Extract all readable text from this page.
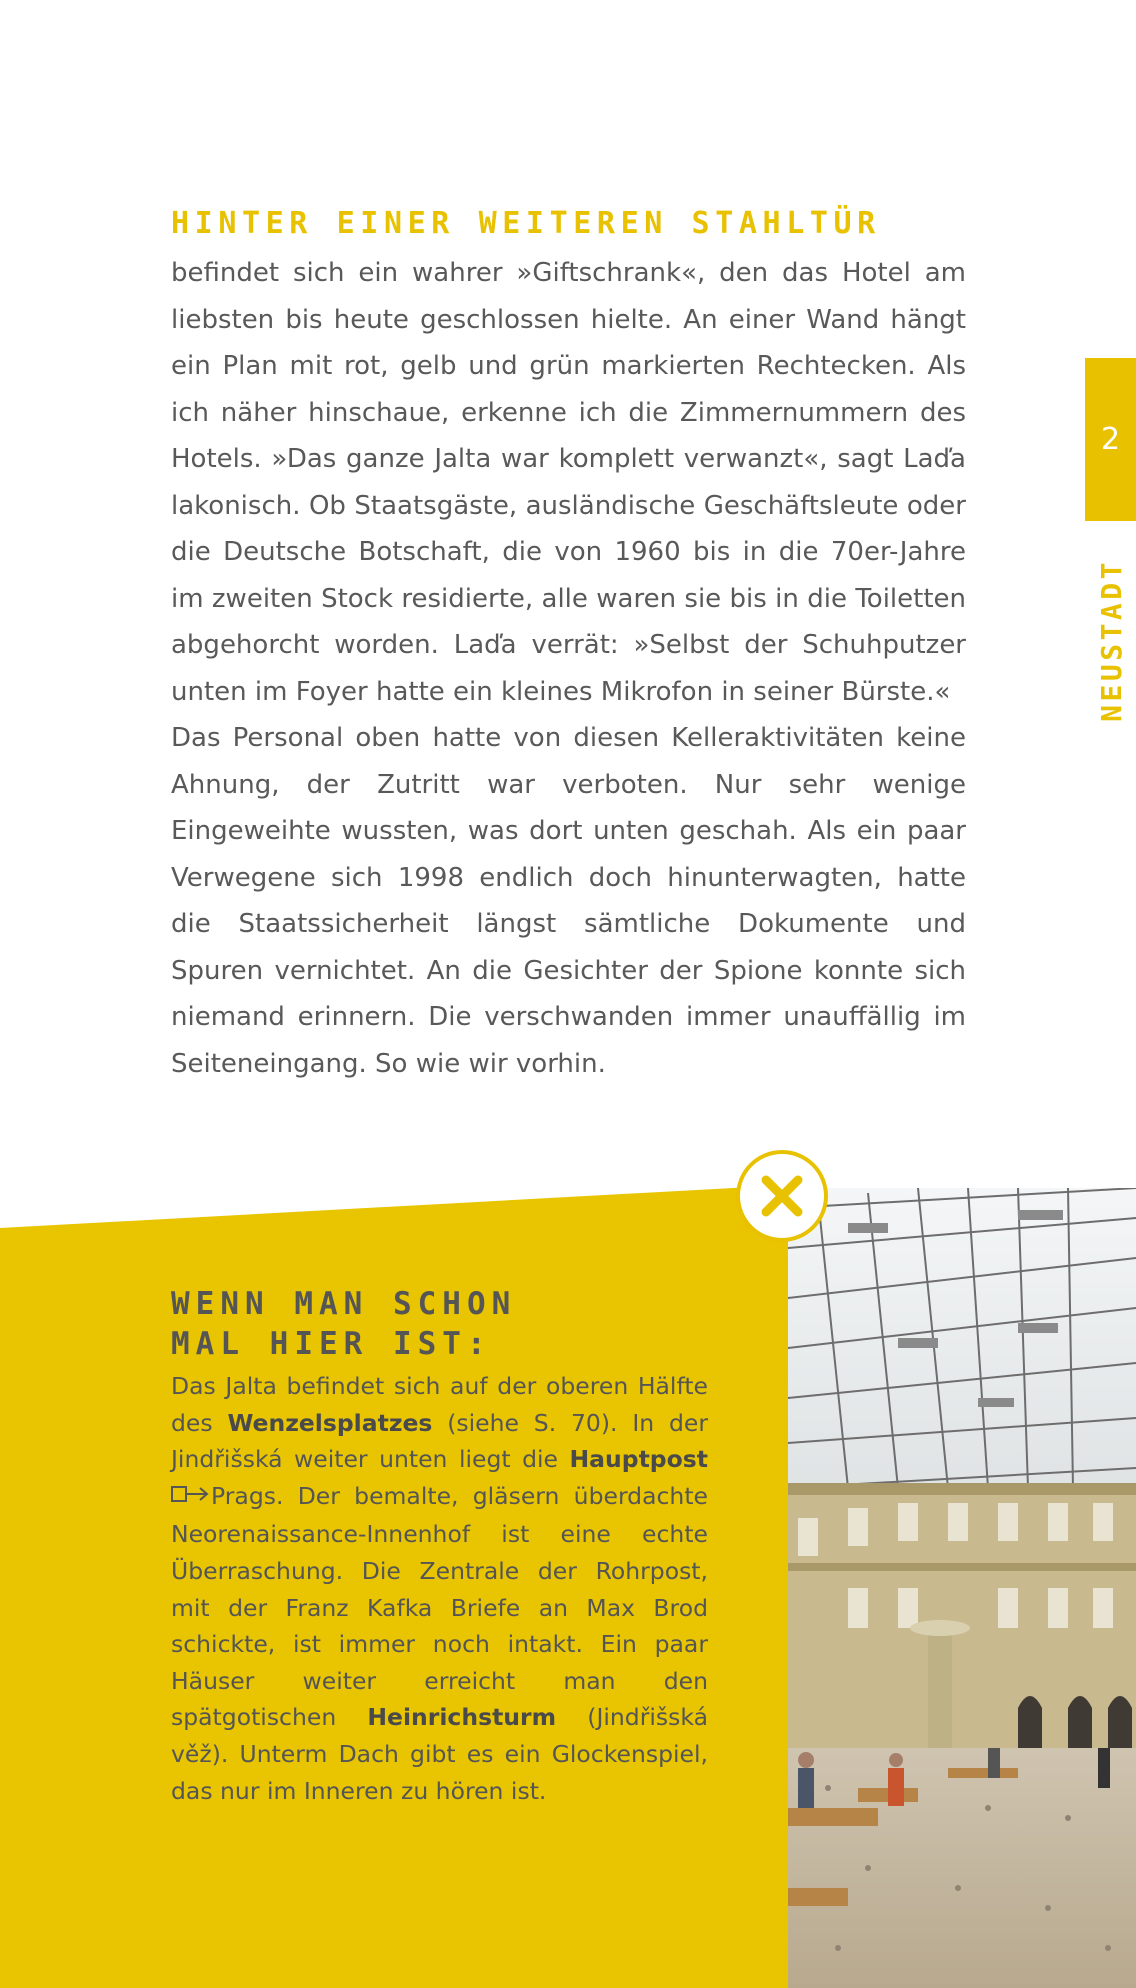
HINTER EINER WEITEREN STAHLTÜR

befindet sich ein wahrer »Giftschrank«, den das Hotel am liebsten bis heute geschlossen hielte. An einer Wand hängt ein Plan mit rot, gelb und grün markierten Rechtecken. Als ich näher hinschaue, erkenne ich die Zimmernummern des Hotels. »Das ganze Jalta war komplett verwanzt«, sagt Laďa lakonisch. Ob Staatsgäste, ausländische Geschäftsleute oder die Deutsche Botschaft, die von 1960 bis in die 70er-Jahre im zweiten Stock residierte, alle waren sie bis in die Toiletten abgehorcht worden. Laďa verrät: »Selbst der Schuhputzer unten im Foyer hatte ein kleines Mikrofon in seiner Bürste.«

Das Personal oben hatte von diesen Kelleraktivitäten keine Ahnung, der Zutritt war verboten. Nur sehr wenige Eingeweihte wussten, was dort unten geschah. Als ein paar Verwegene sich 1998 endlich doch hinunterwagten, hatte die Staatssicherheit längst sämtliche Dokumente und Spuren vernichtet. An die Gesichter der Spione konnte sich niemand erinnern. Die verschwanden immer unauffällig im Seiteneingang. So wie wir vorhin.

2
NEUSTADT
WENN MAN SCHON
MAL HIER IST:

Das Jalta befindet sich auf der oberen Hälfte des Wenzelsplatzes (siehe S. 70). In der Jindřišská weiter unten liegt die Hauptpost Prags. Der bemalte, gläsern überdachte Neorenaissance-Innenhof ist eine echte Überraschung. Die Zentrale der Rohrpost, mit der Franz Kafka Briefe an Max Brod schickte, ist immer noch intakt. Ein paar Häuser weiter erreicht man den spätgotischen Heinrichsturm (Jindřišská věž). Unterm Dach gibt es ein Glockenspiel, das nur im Inneren zu hören ist.
